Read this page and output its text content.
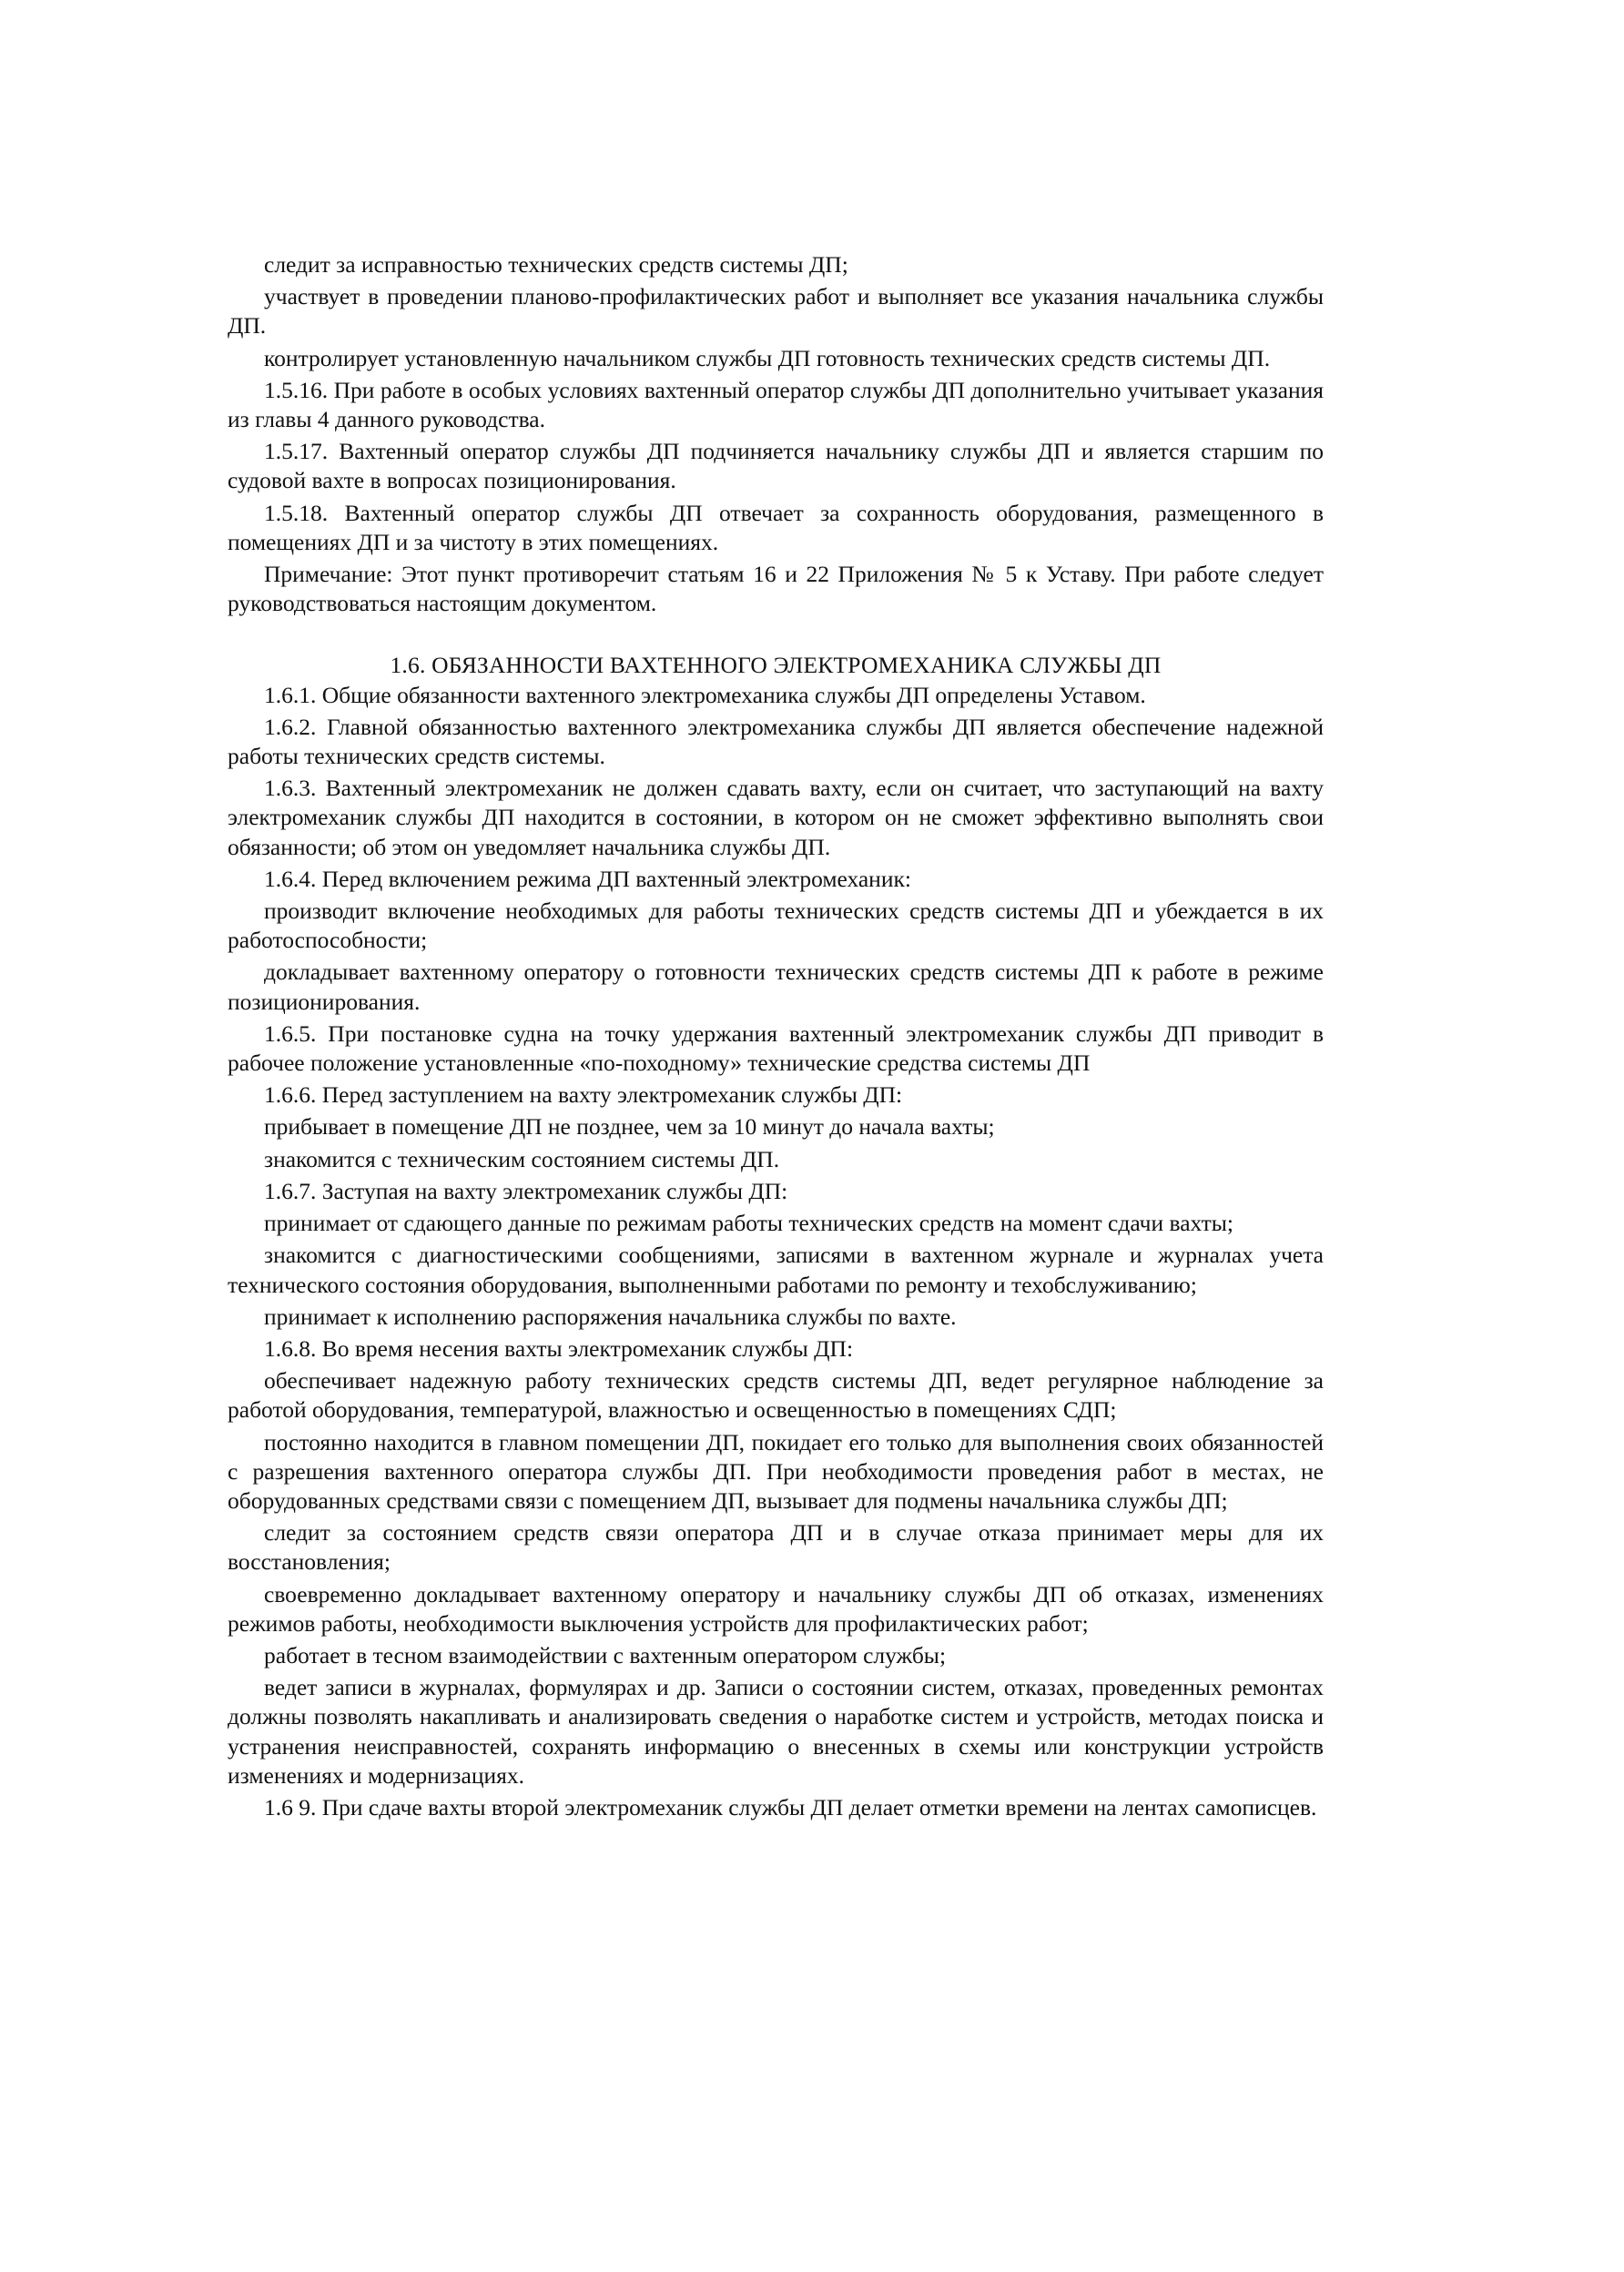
следит за исправностью технических средств системы ДП;

участвует в проведении планово-профилактических работ и выполняет все указания начальника службы ДП.

контролирует установленную начальником службы ДП готовность технических средств системы ДП.

1.5.16. При работе в особых условиях вахтенный оператор службы ДП дополнительно учитывает указания из главы 4 данного руководства.

1.5.17. Вахтенный оператор службы ДП подчиняется начальнику службы ДП и является старшим по судовой вахте в вопросах позиционирования.

1.5.18. Вахтенный оператор службы ДП отвечает за сохранность оборудования, размещенного в помещениях ДП и за чистоту в этих помещениях.

Примечание: Этот пункт противоречит статьям 16 и 22 Приложения № 5 к Уставу. При работе следует руководствоваться настоящим документом.

1.6. ОБЯЗАННОСТИ ВАХТЕННОГО ЭЛЕКТРОМЕХАНИКА СЛУЖБЫ ДП

1.6.1. Общие обязанности вахтенного электромеханика службы ДП определены Уставом.

1.6.2. Главной обязанностью вахтенного электромеханика службы ДП является обеспечение надежной работы технических средств системы.

1.6.3. Вахтенный электромеханик не должен сдавать вахту, если он считает, что заступающий на вахту электромеханик службы ДП находится в состоянии, в котором он не сможет эффективно выполнять свои обязанности; об этом он уведомляет начальника службы ДП.

1.6.4. Перед включением режима ДП вахтенный электромеханик:

производит включение необходимых для работы технических средств системы ДП и убеждается в их работоспособности;

докладывает вахтенному оператору о готовности технических средств системы ДП к работе в режиме позиционирования.

1.6.5. При постановке судна на точку удержания вахтенный электромеханик службы ДП приводит в рабочее положение установленные «по-походному» технические средства системы ДП

1.6.6. Перед заступлением на вахту электромеханик службы ДП:

прибывает в помещение ДП не позднее, чем за 10 минут до начала вахты;

знакомится с техническим состоянием системы ДП.

1.6.7. Заступая на вахту электромеханик службы ДП:

принимает от сдающего данные по режимам работы технических средств на момент сдачи вахты;

знакомится с диагностическими сообщениями, записями в вахтенном журнале и журналах учета технического состояния оборудования, выполненными работами по ремонту и техобслуживанию;

принимает к исполнению распоряжения начальника службы по вахте.

1.6.8. Во время несения вахты электромеханик службы ДП:

обеспечивает надежную работу технических средств системы ДП, ведет регулярное наблюдение за работой оборудования, температурой, влажностью и освещенностью в помещениях СДП;

постоянно находится в главном помещении ДП, покидает его только для выполнения своих обязанностей с разрешения вахтенного оператора службы ДП. При необходимости проведения работ в местах, не оборудованных средствами связи с помещением ДП, вызывает для подмены начальника службы ДП;

следит за состоянием средств связи оператора ДП и в случае отказа принимает меры для их восстановления;

своевременно докладывает вахтенному оператору и начальнику службы ДП об отказах, изменениях режимов работы, необходимости выключения устройств для профилактических работ;

работает в тесном взаимодействии с вахтенным оператором службы;

ведет записи в журналах, формулярах и др. Записи о состоянии систем, отказах, проведенных ремонтах должны позволять накапливать и анализировать сведения о наработке систем и устройств, методах поиска и устранения неисправностей, сохранять информацию о внесенных в схемы или конструкции устройств изменениях и модернизациях.

1.6 9. При сдаче вахты второй электромеханик службы ДП делает отметки времени на лентах самописцев.
